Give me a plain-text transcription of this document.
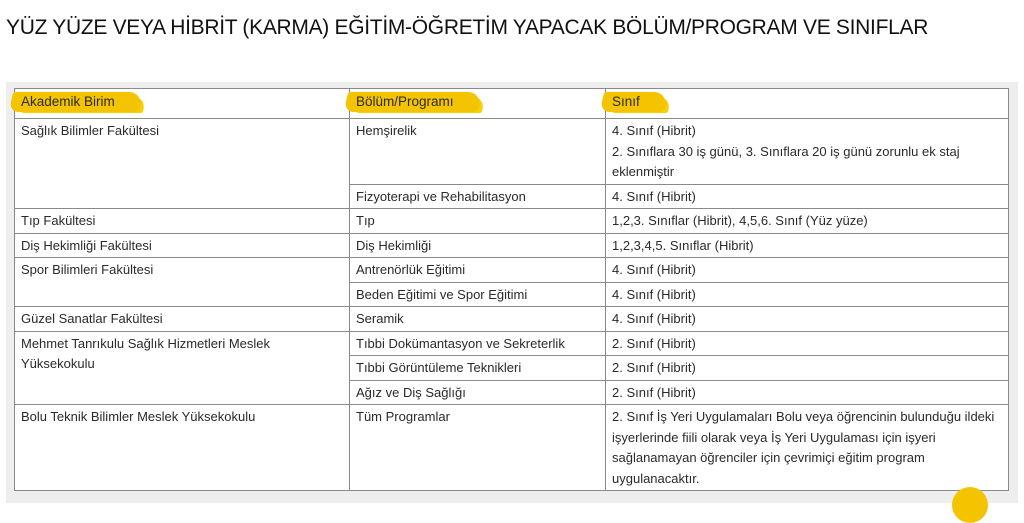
YÜZ YÜZE VEYA HİBRİT (KARMA) EĞİTİM-ÖĞRETİM YAPACAK BÖLÜM/PROGRAM VE SINIFLAR
Akademik Birim	Bölüm/Programı	Sınıf
Sağlık Bilimler Fakültesi	Hemşirelik	4. Sınıf (Hibrit)
2. Sınıflara 30 iş günü, 3. Sınıflara 20 iş günü zorunlu ek staj eklenmiştir

	Fizyoterapi ve Rehabilitasyon	4. Sınıf (Hibrit)
Tıp Fakültesi	Tıp	1,2,3. Sınıflar (Hibrit), 4,5,6. Sınıf (Yüz yüze)
Diş Hekimliği Fakültesi	Diş Hekimliği	1,2,3,4,5. Sınıflar (Hibrit)
Spor Bilimleri Fakültesi	Antrenörlük Eğitimi	4. Sınıf (Hibrit)
	Beden Eğitimi ve Spor Eğitimi	4. Sınıf (Hibrit)
Güzel Sanatlar Fakültesi	Seramik	4. Sınıf (Hibrit)
Mehmet Tanrıkulu Sağlık Hizmetleri Meslek Yüksekokulu	Tıbbi Dokümantasyon ve Sekreterlik	2. Sınıf (Hibrit)
	Tıbbi Görüntüleme Teknikleri	2. Sınıf (Hibrit)
	Ağız ve Diş Sağlığı	2. Sınıf (Hibrit)
Bolu Teknik Bilimler Meslek Yüksekokulu	Tüm Programlar	2. Sınıf İş Yeri Uygulamaları Bolu veya öğrencinin bulunduğu ildeki işyerlerinde fiili olarak veya İş Yeri Uygulaması için işyeri sağlanamayan öğrenciler için çevrimiçi eğitim program uygulanacaktır.
